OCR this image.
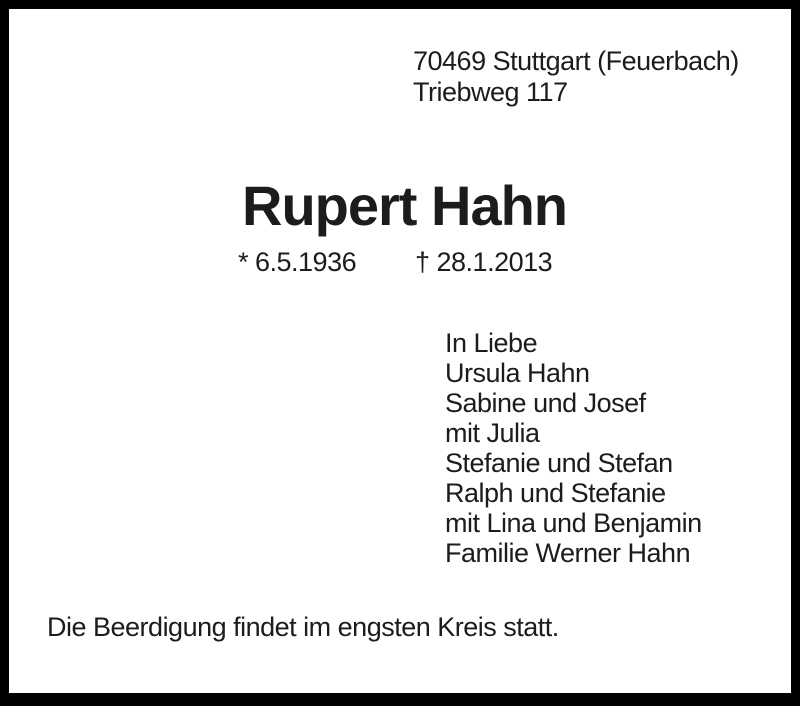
70469 Stuttgart (Feuerbach)
Triebweg 117
Rupert Hahn
* 6.5.1936 † 28.1.2013
In Liebe
Ursula Hahn
Sabine und Josef
mit Julia
Stefanie und Stefan
Ralph und Stefanie
mit Lina und Benjamin
Familie Werner Hahn
Die Beerdigung findet im engsten Kreis statt.
